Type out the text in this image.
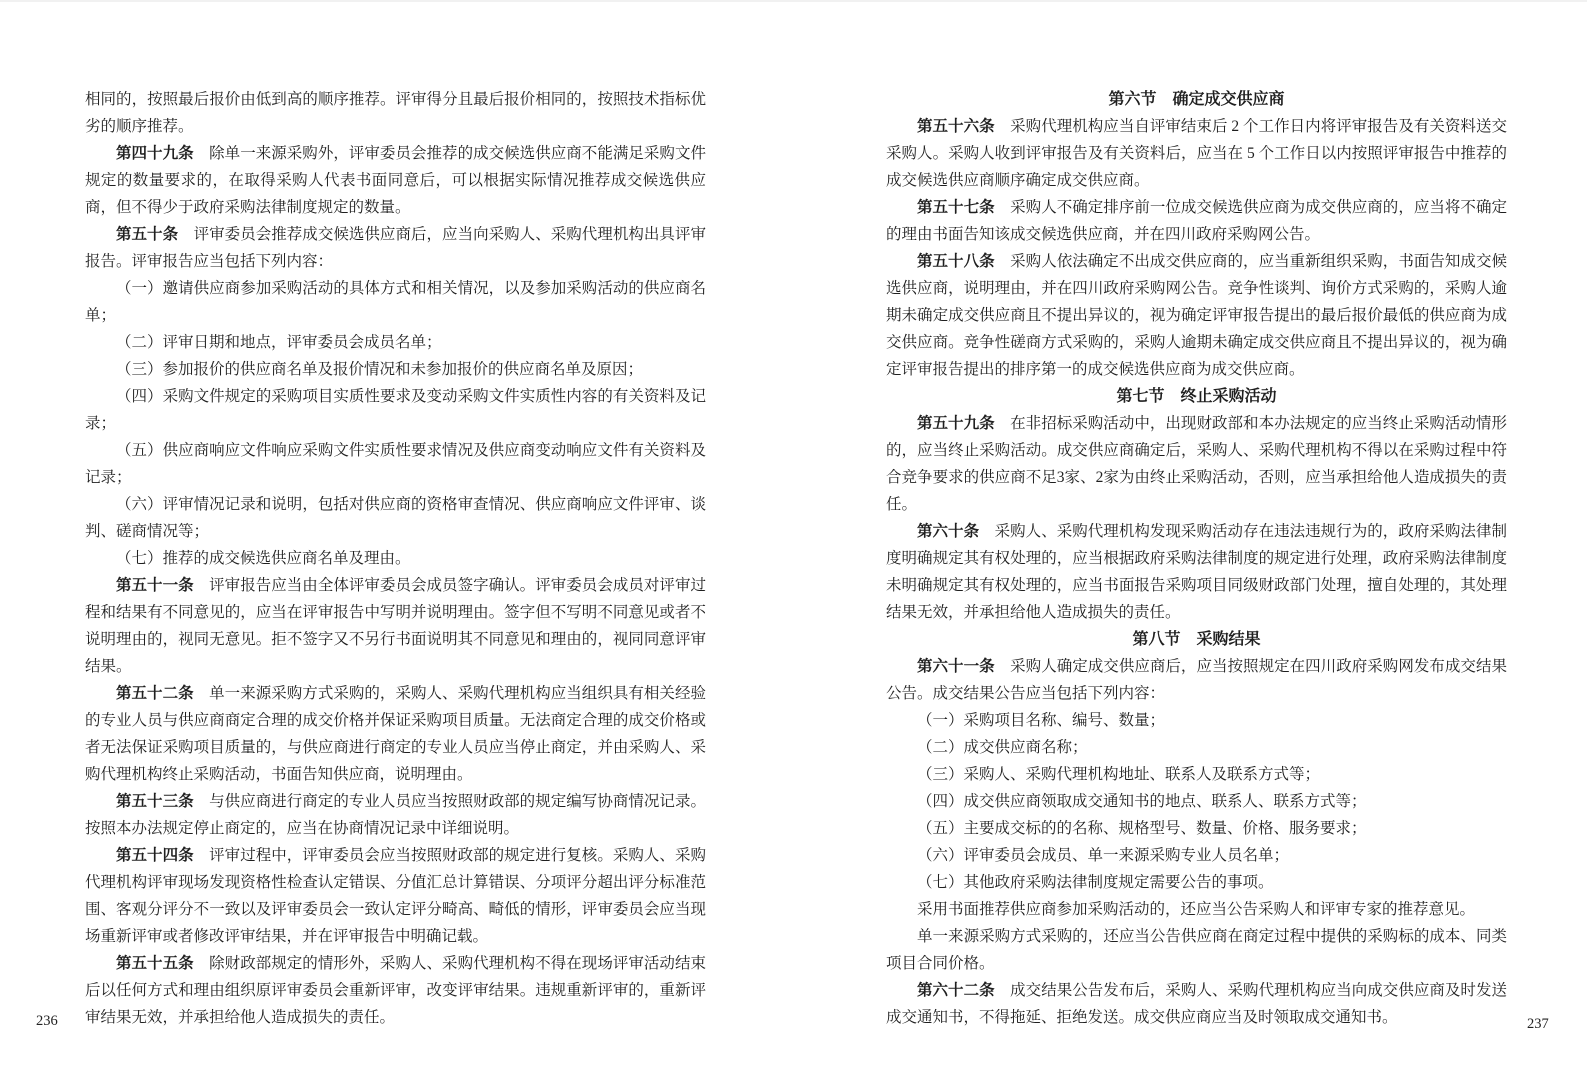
相同的，按照最后报价由低到高的顺序推荐。评审得分且最后报价相同的，按照技术指标优劣的顺序推荐。

第四十九条 除单一来源采购外，评审委员会推荐的成交候选供应商不能满足采购文件规定的数量要求的，在取得采购人代表书面同意后，可以根据实际情况推荐成交候选供应商，但不得少于政府采购法律制度规定的数量。

第五十条 评审委员会推荐成交候选供应商后，应当向采购人、采购代理机构出具评审报告。评审报告应当包括下列内容：

（一）邀请供应商参加采购活动的具体方式和相关情况，以及参加采购活动的供应商名单；

（二）评审日期和地点，评审委员会成员名单；

（三）参加报价的供应商名单及报价情况和未参加报价的供应商名单及原因；

（四）采购文件规定的采购项目实质性要求及变动采购文件实质性内容的有关资料及记录；

（五）供应商响应文件响应采购文件实质性要求情况及供应商变动响应文件有关资料及记录；

（六）评审情况记录和说明，包括对供应商的资格审查情况、供应商响应文件评审、谈判、磋商情况等；

（七）推荐的成交候选供应商名单及理由。

第五十一条 评审报告应当由全体评审委员会成员签字确认。评审委员会成员对评审过程和结果有不同意见的，应当在评审报告中写明并说明理由。签字但不写明不同意见或者不说明理由的，视同无意见。拒不签字又不另行书面说明其不同意见和理由的，视同同意评审结果。

第五十二条 单一来源采购方式采购的，采购人、采购代理机构应当组织具有相关经验的专业人员与供应商商定合理的成交价格并保证采购项目质量。无法商定合理的成交价格或者无法保证采购项目质量的，与供应商进行商定的专业人员应当停止商定，并由采购人、采购代理机构终止采购活动，书面告知供应商，说明理由。

第五十三条 与供应商进行商定的专业人员应当按照财政部的规定编写协商情况记录。按照本办法规定停止商定的，应当在协商情况记录中详细说明。

第五十四条 评审过程中，评审委员会应当按照财政部的规定进行复核。采购人、采购代理机构评审现场发现资格性检查认定错误、分值汇总计算错误、分项评分超出评分标准范围、客观分评分不一致以及评审委员会一致认定评分畸高、畸低的情形，评审委员会应当现场重新评审或者修改评审结果，并在评审报告中明确记载。

第五十五条 除财政部规定的情形外，采购人、采购代理机构不得在现场评审活动结束后以任何方式和理由组织原评审委员会重新评审，改变评审结果。违规重新评审的，重新评审结果无效，并承担给他人造成损失的责任。

第六节　确定成交供应商

第五十六条 采购代理机构应当自评审结束后 2 个工作日内将评审报告及有关资料送交采购人。采购人收到评审报告及有关资料后，应当在 5 个工作日以内按照评审报告中推荐的成交候选供应商顺序确定成交供应商。

第五十七条 采购人不确定排序前一位成交候选供应商为成交供应商的，应当将不确定的理由书面告知该成交候选供应商，并在四川政府采购网公告。

第五十八条 采购人依法确定不出成交供应商的，应当重新组织采购，书面告知成交候选供应商，说明理由，并在四川政府采购网公告。竞争性谈判、询价方式采购的，采购人逾期未确定成交供应商且不提出异议的，视为确定评审报告提出的最后报价最低的供应商为成交供应商。竞争性磋商方式采购的，采购人逾期未确定成交供应商且不提出异议的，视为确定评审报告提出的排序第一的成交候选供应商为成交供应商。

第七节　终止采购活动

第五十九条 在非招标采购活动中，出现财政部和本办法规定的应当终止采购活动情形的，应当终止采购活动。成交供应商确定后，采购人、采购代理机构不得以在采购过程中符合竞争要求的供应商不足3家、2家为由终止采购活动，否则，应当承担给他人造成损失的责任。

第六十条 采购人、采购代理机构发现采购活动存在违法违规行为的，政府采购法律制度明确规定其有权处理的，应当根据政府采购法律制度的规定进行处理，政府采购法律制度未明确规定其有权处理的，应当书面报告采购项目同级财政部门处理，擅自处理的，其处理结果无效，并承担给他人造成损失的责任。

第八节　采购结果

第六十一条 采购人确定成交供应商后，应当按照规定在四川政府采购网发布成交结果公告。成交结果公告应当包括下列内容：

（一）采购项目名称、编号、数量；

（二）成交供应商名称；

（三）采购人、采购代理机构地址、联系人及联系方式等；

（四）成交供应商领取成交通知书的地点、联系人、联系方式等；

（五）主要成交标的的名称、规格型号、数量、价格、服务要求；

（六）评审委员会成员、单一来源采购专业人员名单；

（七）其他政府采购法律制度规定需要公告的事项。

采用书面推荐供应商参加采购活动的，还应当公告采购人和评审专家的推荐意见。

单一来源采购方式采购的，还应当公告供应商在商定过程中提供的采购标的成本、同类项目合同价格。

第六十二条 成交结果公告发布后，采购人、采购代理机构应当向成交供应商及时发送成交通知书，不得拖延、拒绝发送。成交供应商应当及时领取成交通知书。

236	237
